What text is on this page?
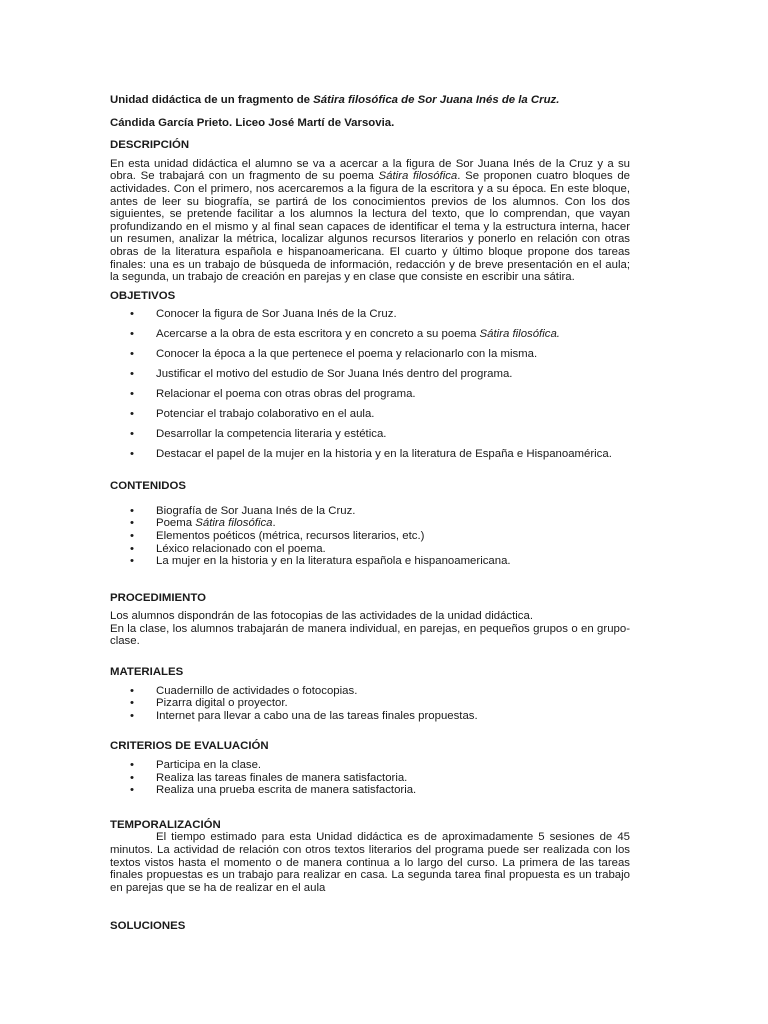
Unidad didáctica de un fragmento de Sátira filosófica de Sor Juana Inés de la Cruz.
Cándida García Prieto. Liceo José Martí de Varsovia.
DESCRIPCIÓN

En esta unidad didáctica el alumno se va a acercar a la figura de Sor Juana Inés de la Cruz y a su obra. Se trabajará con un fragmento de su poema Sátira filosófica. Se proponen cuatro bloques de actividades. Con el primero, nos acercaremos a la figura de la escritora y a su época. En este bloque, antes de leer su biografía, se partirá de los conocimientos previos de los alumnos. Con los dos siguientes, se pretende facilitar a los alumnos la lectura del texto, que lo comprendan, que vayan profundizando en el mismo y al final sean capaces de identificar el tema y la estructura interna, hacer un resumen, analizar la métrica, localizar algunos recursos literarios y ponerlo en relación con otras obras de la literatura española e hispanoamericana. El cuarto y último bloque propone dos tareas finales: una es un trabajo de búsqueda de información, redacción y de breve presentación en el aula; la segunda, un trabajo de creación en parejas y en clase que consiste en escribir una sátira.

OBJETIVOS
• Conocer la figura de Sor Juana Inés de la Cruz.
• Acercarse a la obra de esta escritora y en concreto a su poema Sátira filosófica.
• Conocer la época a la que pertenece el poema y relacionarlo con la misma.
• Justificar el motivo del estudio de Sor Juana Inés dentro del programa.
• Relacionar el poema con otras obras del programa.
• Potenciar el trabajo colaborativo en el aula.
• Desarrollar la competencia literaria y estética.
• Destacar el papel de la mujer en la historia y en la literatura de España e Hispanoamérica.
CONTENIDOS
• Biografía de Sor Juana Inés de la Cruz.
• Poema Sátira filosófica.
• Elementos poéticos (métrica, recursos literarios, etc.)
• Léxico relacionado con el poema.
• La mujer en la historia y en la literatura española e hispanoamericana.
PROCEDIMIENTO

Los alumnos dispondrán de las fotocopias de las actividades de la unidad didáctica.

En la clase, los alumnos trabajarán de manera individual, en parejas, en pequeños grupos o en grupo-clase.

MATERIALES
• Cuadernillo de actividades o fotocopias.
• Pizarra digital o proyector.
• Internet para llevar a cabo una de las tareas finales propuestas.
CRITERIOS DE EVALUACIÓN
• Participa en la clase.
• Realiza las tareas finales de manera satisfactoria.
• Realiza una prueba escrita de manera satisfactoria.
TEMPORALIZACIÓN

El tiempo estimado para esta Unidad didáctica es de aproximadamente 5 sesiones de 45 minutos. La actividad de relación con otros textos literarios del programa puede ser realizada con los textos vistos hasta el momento o de manera continua a lo largo del curso. La primera de las tareas finales propuestas es un trabajo para realizar en casa. La segunda tarea final propuesta es un trabajo en parejas que se ha de realizar en el aula

SOLUCIONES
